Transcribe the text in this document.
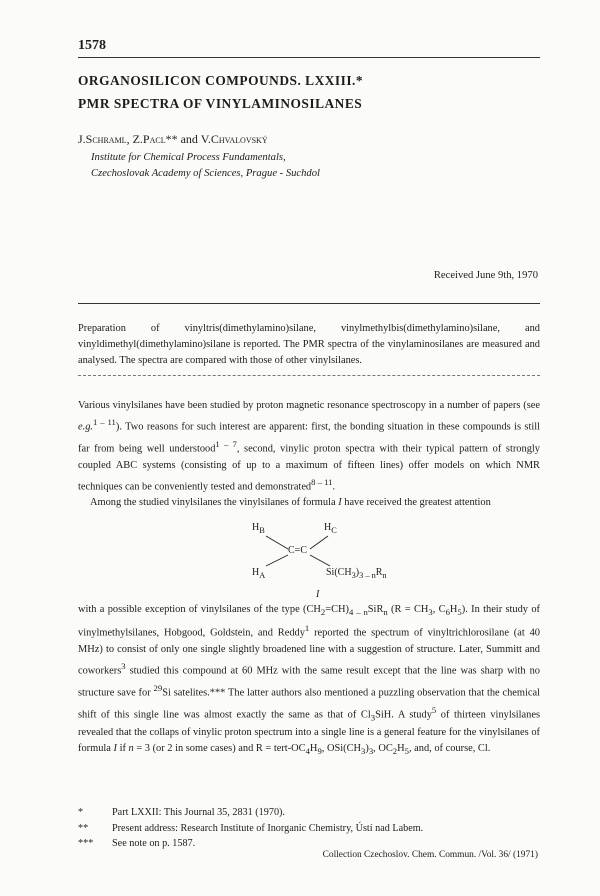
1578
ORGANOSILICON COMPOUNDS. LXXIII.*
PMR SPECTRA OF VINYLAMINOSILANES
J.Schraml, Z.Pacl** and V.Chvalovský
Institute for Chemical Process Fundamentals,
Czechoslovak Academy of Sciences, Prague - Suchdol
Received June 9th, 1970
Preparation of vinyltris(dimethylamino)silane, vinylmethylbis(dimethylamino)silane, and vinyldimethyl(dimethylamino)silane is reported. The PMR spectra of the vinylaminosilanes are measured and analysed. The spectra are compared with those of other vinylsilanes.

Various vinylsilanes have been studied by proton magnetic resonance spectroscopy in a number of papers (see e.g.$^{1 - 11}$). Two reasons for such interest are apparent: first, the bonding situation in these compounds is still far from being well understood$^{1 - 7}$, second, vinylic proton spectra with their typical pattern of strongly coupled ABC systems (consisting of up to a maximum of fifteen lines) offer models on which NMR techniques can be conveniently tested and demonstrated$^{8 - 11}$.

Among the studied vinylsilanes the vinylsilanes of formula I have received the greatest attention

$H_B$	$H_C$
C=C
$H_A$	$Si(CH_3)_{3 - n}R_n$
I

with a possible exception of vinylsilanes of the type $(CH_2=CH)_{4 - n}SiR_n$ ($R = CH_3$, $C_6H_5$). In their study of vinylmethylsilanes, Hobgood, Goldstein, and Reddy$^1$ reported the spectrum of vinyltrichlorosilane (at 40 MHz) to consist of only one single slightly broadened line with a suggestion of structure. Later, Summitt and coworkers$^3$ studied this compound at 60 MHz with the same result except that the line was sharp with no structure save for $^{29}$Si satelites.*** The latter authors also mentioned a puzzling observation that the chemical shift of this single line was almost exactly the same as that of $Cl_3SiH$. A study$^5$ of thirteen vinylsilanes revealed that the collaps of vinylic proton spectrum into a single line is a general feature for the vinylsilanes of formula I if n = 3 (or 2 in some cases) and R = tert-$OC_4H_9$, $OSi(CH_3)_3$, $OC_2H_5$, and, of course, Cl.

*	Part LXXII: This Journal 35, 2831 (1970).
**	Present address: Research Institute of Inorganic Chemistry, Ústí nad Labem.
***	See note on p. 1587.
Collection Czechoslov. Chem. Commun. /Vol. 36/ (1971)
